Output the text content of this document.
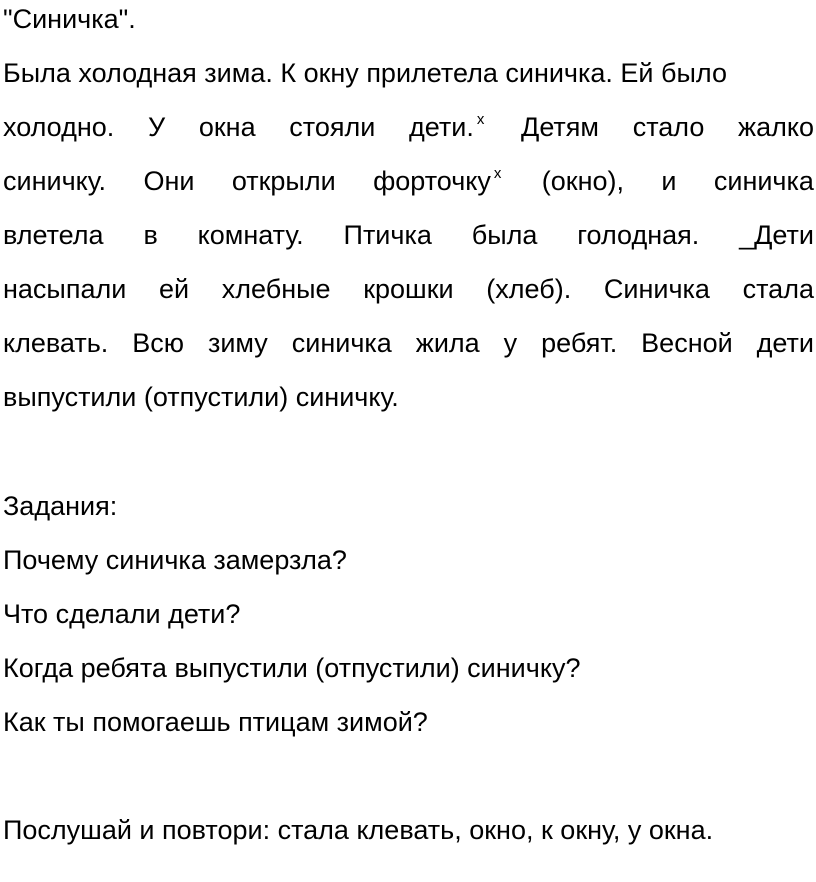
"Синичка".
Была холодная зима. К окну прилетела синичка. Ей было
холодно. У окна стояли дети. $^x$ Детям стало жалко
синичку. Они открыли форточку $^x$ (окно), и синичка
влетела в комнату. Птичка была голодная. _Дети
насыпали ей хлебные крошки (хлеб). Синичка стала
клевать. Всю зиму синичка жила у ребят. Весной дети
выпустили (отпустили) синичку.
Задания:
Почему синичка замерзла?
Что сделали дети?
Когда ребята выпустили (отпустили) синичку?
Как ты помогаешь птицам зимой?
Послушай и повтори: стала клевать, окно, к окну, у окна.
